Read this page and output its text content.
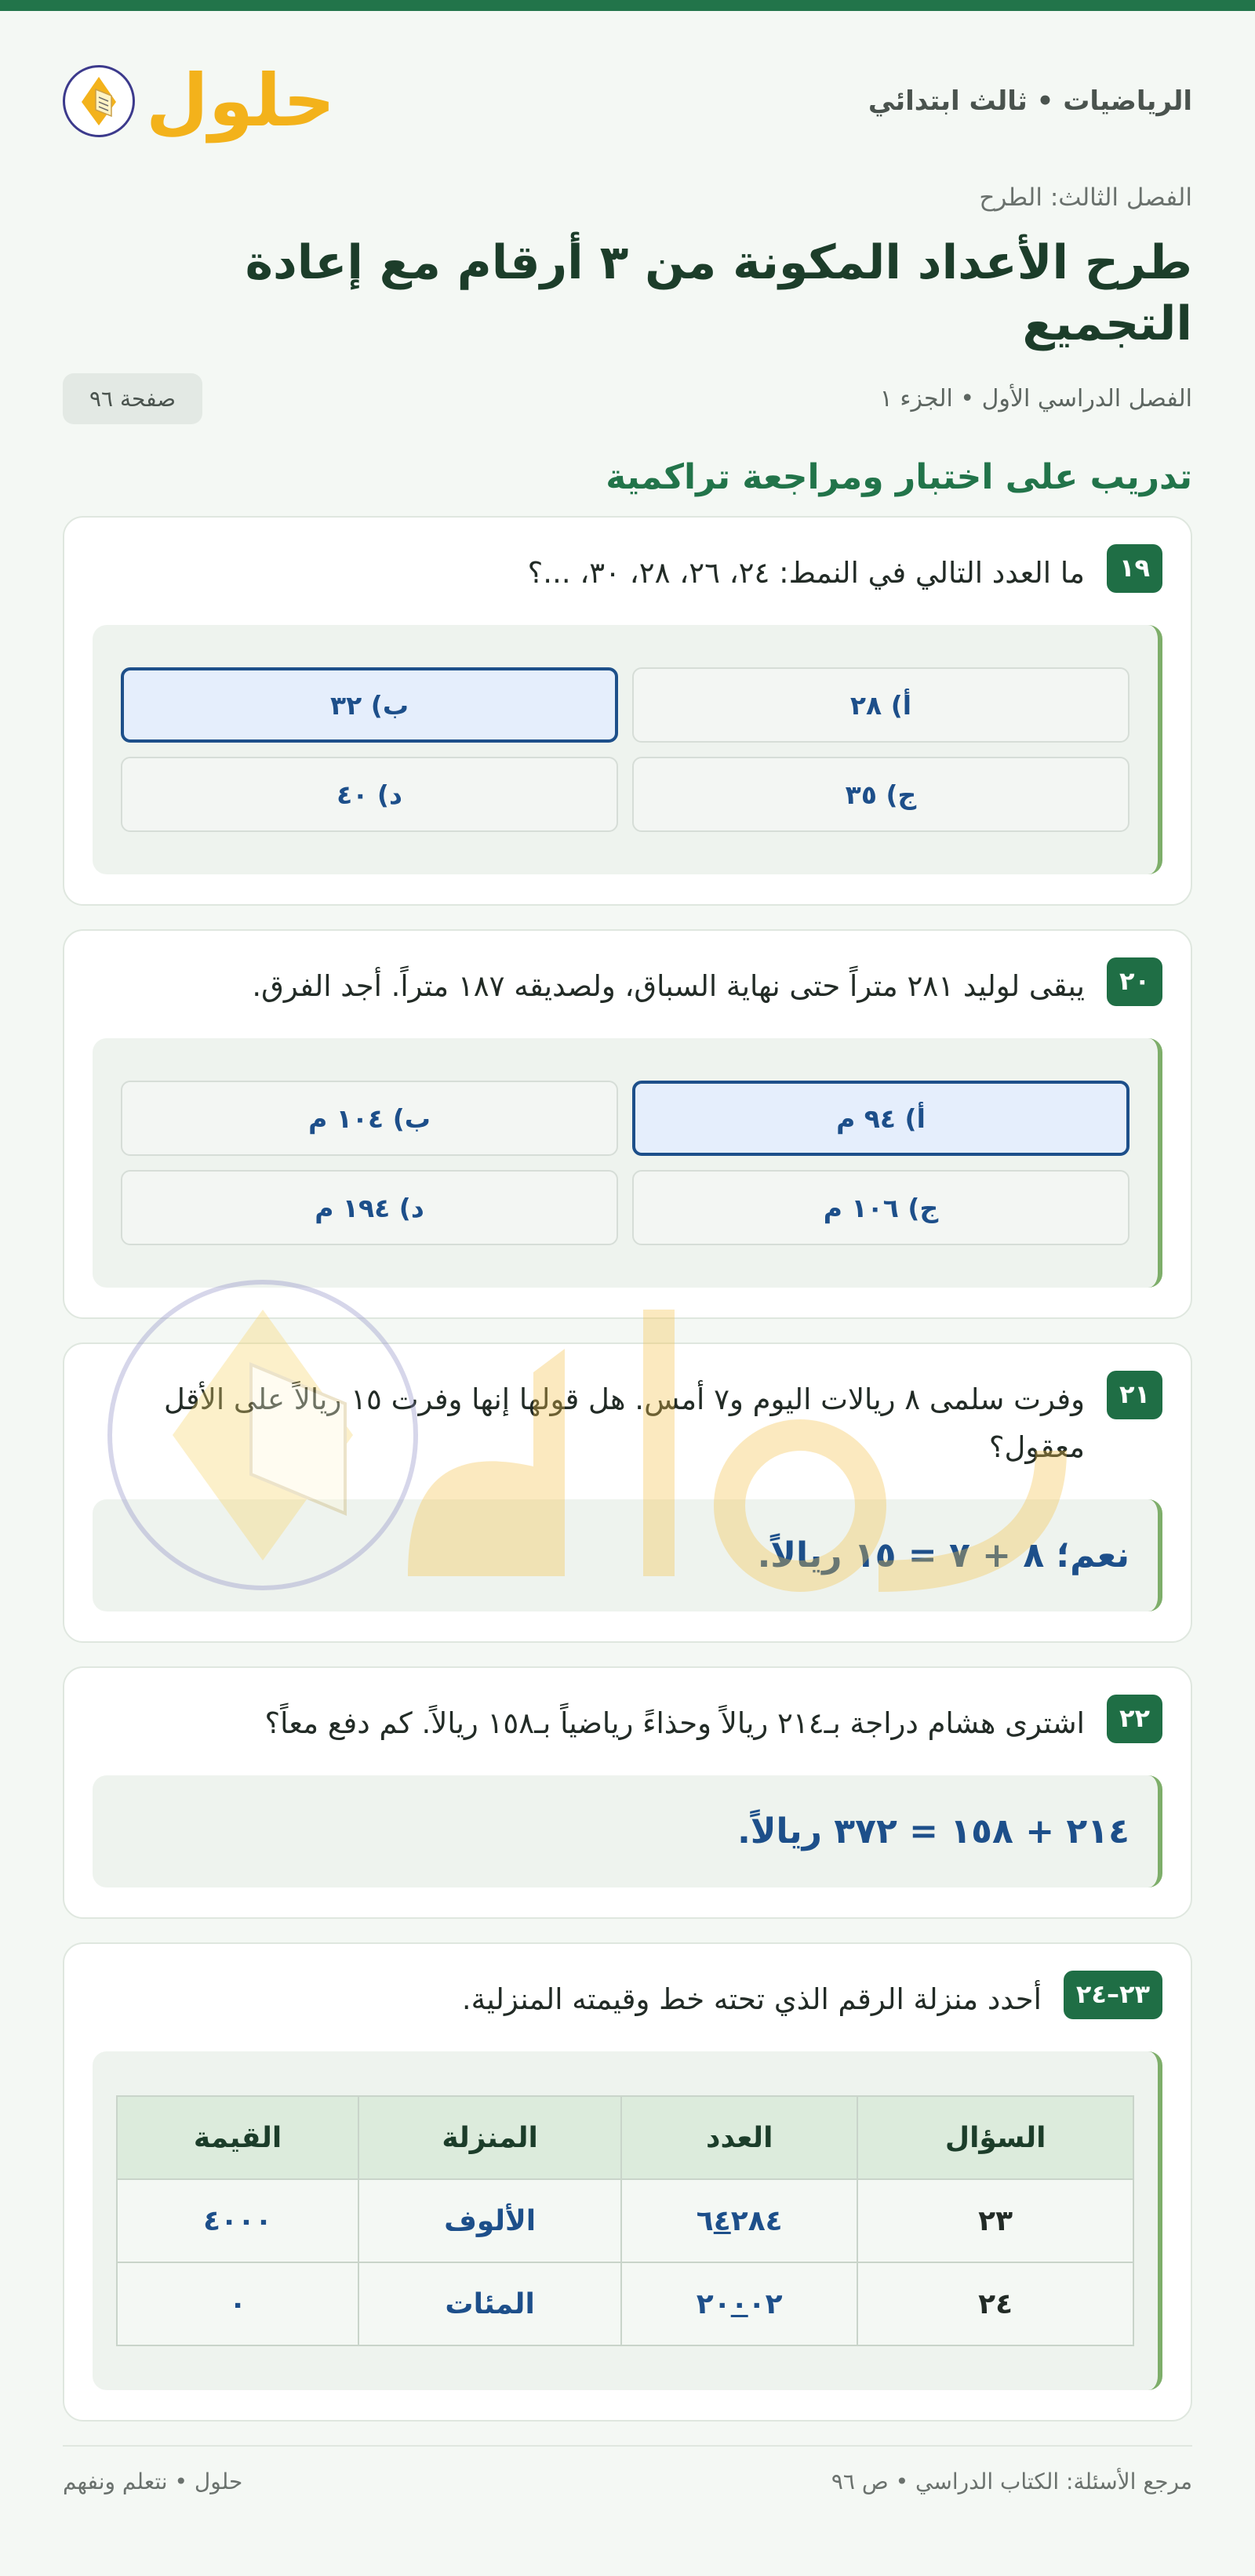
الرياضيات • ثالث ابتدائي
حلول
الفصل الثالث: الطرح
طرح الأعداد المكونة من ٣ أرقام مع إعادة التجميع
الفصل الدراسي الأول • الجزء ١
صفحة ٩٦
تدريب على اختبار ومراجعة تراكمية
١٩
ما العدد التالي في النمط: ٢٤، ٢٦، ٢٨، ٣٠، ...؟
أ) ٢٨
ب) ٣٢
ج) ٣٥
د) ٤٠
٢٠
يبقى لوليد ٢٨١ متراً حتى نهاية السباق، ولصديقه ١٨٧ متراً. أجد الفرق.
أ) ٩٤ م
ب) ١٠٤ م
ج) ١٠٦ م
د) ١٩٤ م
٢١
وفرت سلمى ٨ ريالات اليوم و٧ أمس. هل قولها إنها وفرت ١٥ ريالاً على الأقل معقول؟
نعم؛ ٨ + ٧ = ١٥ ريالاً.
٢٢
اشترى هشام دراجة بـ٢١٤ ريالاً وحذاءً رياضياً بـ١٥٨ ريالاً. كم دفع معاً؟
٢١٤ + ١٥٨ = ٣٧٢ ريالاً.
٢٣–٢٤
أحدد منزلة الرقم الذي تحته خط وقيمته المنزلية.
السؤال	العدد	المنزلة	القيمة
٢٣	٦٤٢٨٤	الألوف	٤٠٠٠
٢٤	٢٠٠٠٢	المئات	٠
مرجع الأسئلة: الكتاب الدراسي • ص ٩٦
حلول • نتعلم ونفهم
